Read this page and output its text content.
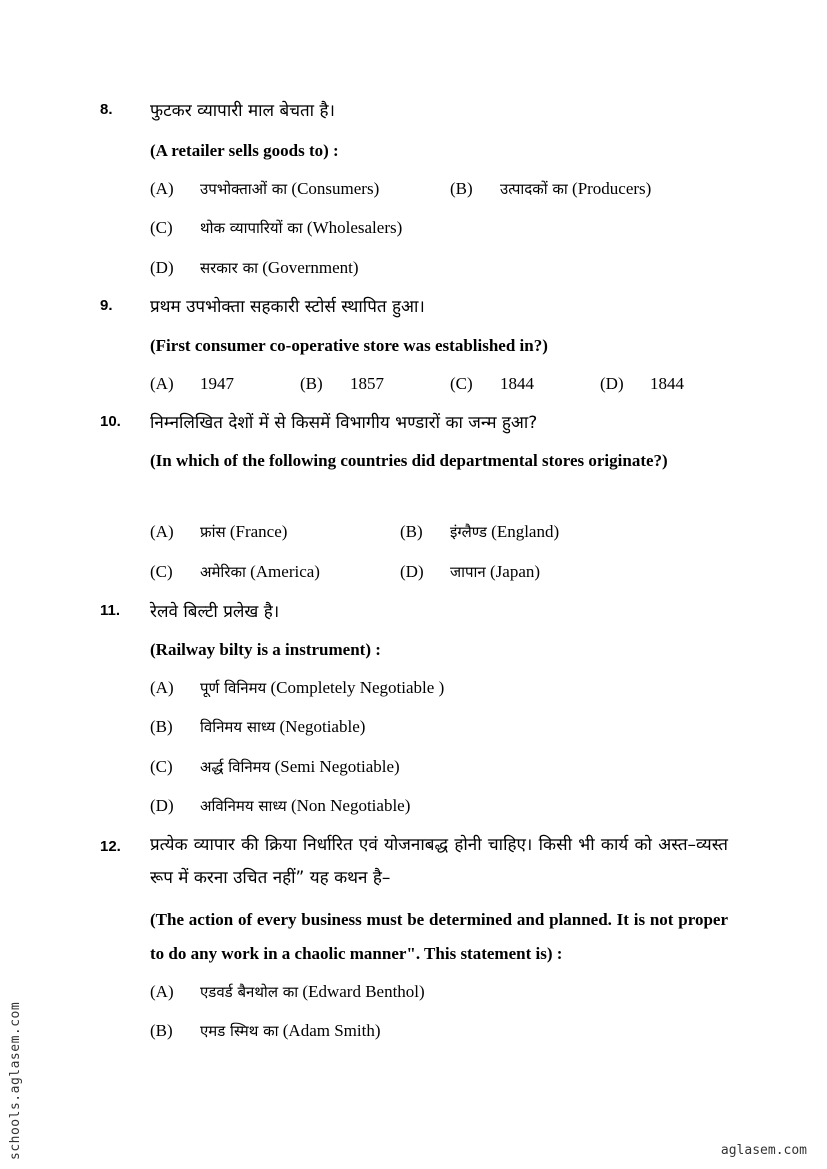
8.	फुटकर व्यापारी माल बेचता है।
(A retailer sells goods to) :
(A) उपभोक्ताओं का (Consumers)	(B) उत्पादकों का (Producers)
(C) थोक व्यापारियों का (Wholesalers)
(D) सरकार का (Government)
9.	प्रथम उपभोक्ता सहकारी स्टोर्स स्थापित हुआ।
(First consumer co-operative store was established in?)
(A) 1947	(B) 1857	(C) 1844	(D) 1844
10.	निम्नलिखित देशों में से किसमें विभागीय भण्डारों का जन्म हुआ?
(In which of the following countries did departmental stores originate?)
(A) फ्रांस (France)	(B) इंग्लैण्ड (England)
(C) अमेरिका (America)	(D) जापान (Japan)
11.	रेलवे बिल्टी प्रलेख है।
(Railway bilty is a instrument) :
(A) पूर्ण विनिमय (Completely Negotiable )
(B) विनिमय साध्य (Negotiable)
(C) अर्द्ध विनिमय (Semi Negotiable)
(D) अविनिमय साध्य (Non Negotiable)
12.	प्रत्येक व्यापार की क्रिया निर्धारित एवं योजनाबद्ध होनी चाहिए। किसी भी कार्य को अस्त–व्यस्त रूप में करना उचित नहीं” यह कथन है–
(The action of every business must be determined and planned. It is not proper to do any work in a chaolic manner". This statement is) :
(A) एडवर्ड बैनथोल का (Edward Benthol)
(B) एमड स्मिथ का (Adam Smith)
schools.aglasem.com	aglasem.com
